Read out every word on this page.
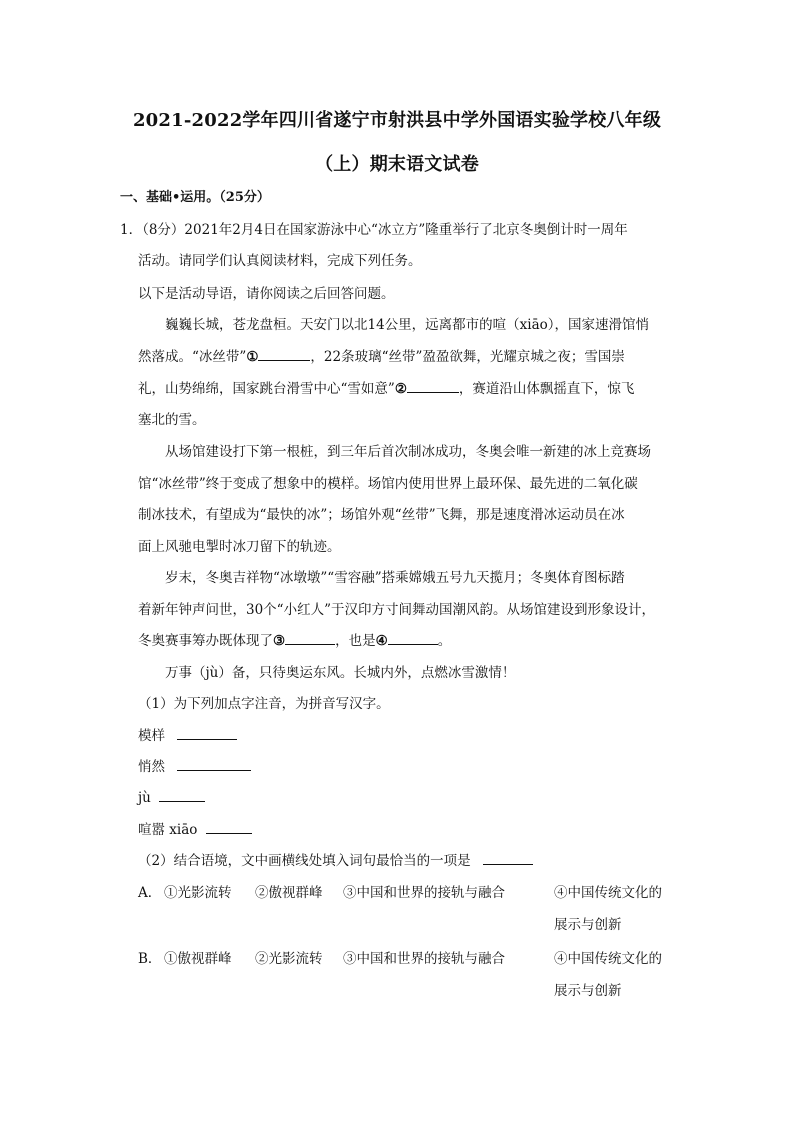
2021-2022学年四川省遂宁市射洪县中学外国语实验学校八年级
（上）期末语文试卷
一、基础•运用。（25分）
1．（8分）2021年2月4日在国家游泳中心“冰立方”隆重举行了北京冬奥倒计时一周年
活动。请同学们认真阅读材料，完成下列任务。
以下是活动导语，请你阅读之后回答问题。
巍巍长城，苍龙盘桓。天安门以北14公里，远离都市的喧（xiāo），国家速滑馆悄
然落成。“冰丝带”①	，22条玻璃“丝带”盈盈欲舞，光耀京城之夜；雪国崇
礼，山势绵绵，国家跳台滑雪中心“雪如意”②	，赛道沿山体飘摇直下，惊飞
塞北的雪。
从场馆建设打下第一根桩，到三年后首次制冰成功，冬奥会唯一新建的冰上竞赛场
馆“冰丝带”终于变成了想象中的模样。场馆内使用世界上最环保、最先进的二氧化碳
制冰技术，有望成为“最快的冰”；场馆外观“丝带”飞舞，那是速度滑冰运动员在冰
面上风驰电掣时冰刀留下的轨迹。
岁末，冬奥吉祥物“冰墩墩”“雪容融”搭乘嫦娥五号九天揽月；冬奥体育图标踏
着新年钟声问世，30个“小红人”于汉印方寸间舞动国潮风韵。从场馆建设到形象设计，
冬奥赛事筹办既体现了③	，也是④	。
万事（jù）备，只待奥运东风。长城内外，点燃冰雪激情！
（1）为下列加点字注音，为拼音写汉字。
模样
悄然
jù
喧嚣 xiāo
（2）结合语境，文中画横线处填入词句最恰当的一项是
A． ①光影流转 ②傲视群峰 ③中国和世界的接轨与融合	④中国传统文化的
展示与创新
B． ①傲视群峰 ②光影流转 ③中国和世界的接轨与融合	④中国传统文化的
展示与创新
